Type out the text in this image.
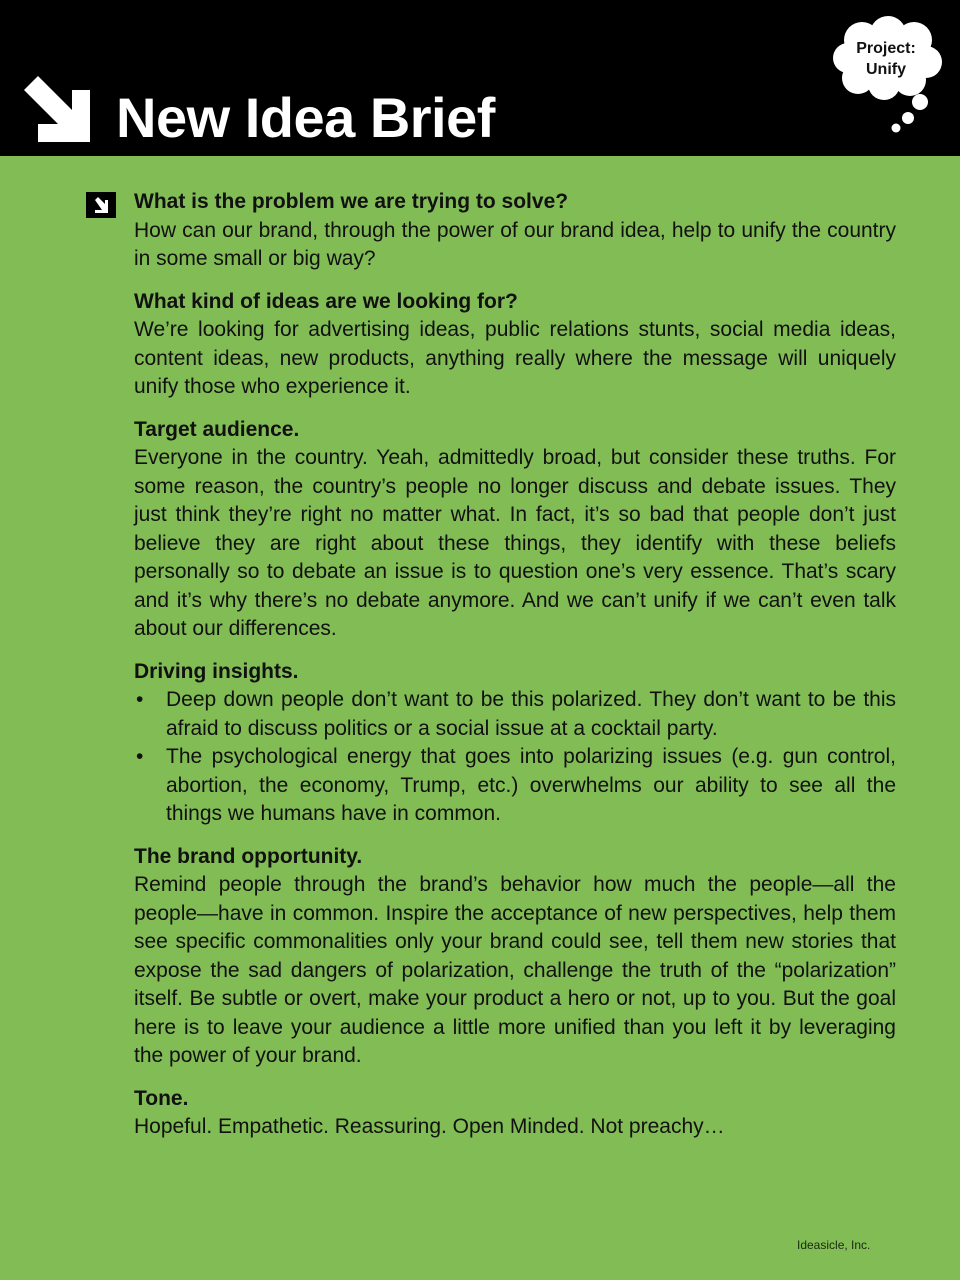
New Idea Brief
Project:
Unify
What is the problem we are trying to solve?

How can our brand, through the power of our brand idea, help to unify the country in some small or big way?

What kind of ideas are we looking for?

We’re looking for advertising ideas, public relations stunts, social media ideas, content ideas, new products, anything really where the message will uniquely unify those who experience it.

Target audience.

Everyone in the country. Yeah, admittedly broad, but consider these truths. For some reason, the country’s people no longer discuss and debate issues. They just think they’re right no matter what. In fact, it’s so bad that people don’t just believe they are right about these things, they identify with these beliefs personally so to debate an issue is to question one’s very essence. That’s scary and it’s why there’s no debate anymore. And we can’t unify if we can’t even talk about our differences.

Driving insights.
• Deep down people don’t want to be this polarized. They don’t want to be this afraid to discuss politics or a social issue at a cocktail party.
• The psychological energy that goes into polarizing issues (e.g. gun control, abortion, the economy, Trump, etc.) overwhelms our ability to see all the things we humans have in common.
The brand opportunity.

Remind people through the brand’s behavior how much the people—all the people—have in common. Inspire the acceptance of new perspectives, help them see specific commonalities only your brand could see, tell them new stories that expose the sad dangers of polarization, challenge the truth of the “polarization” itself. Be subtle or overt, make your product a hero or not, up to you. But the goal here is to leave your audience a little more unified than you left it by leveraging the power of your brand.

Tone.

Hopeful. Empathetic. Reassuring. Open Minded. Not preachy…

Ideasicle, Inc.
